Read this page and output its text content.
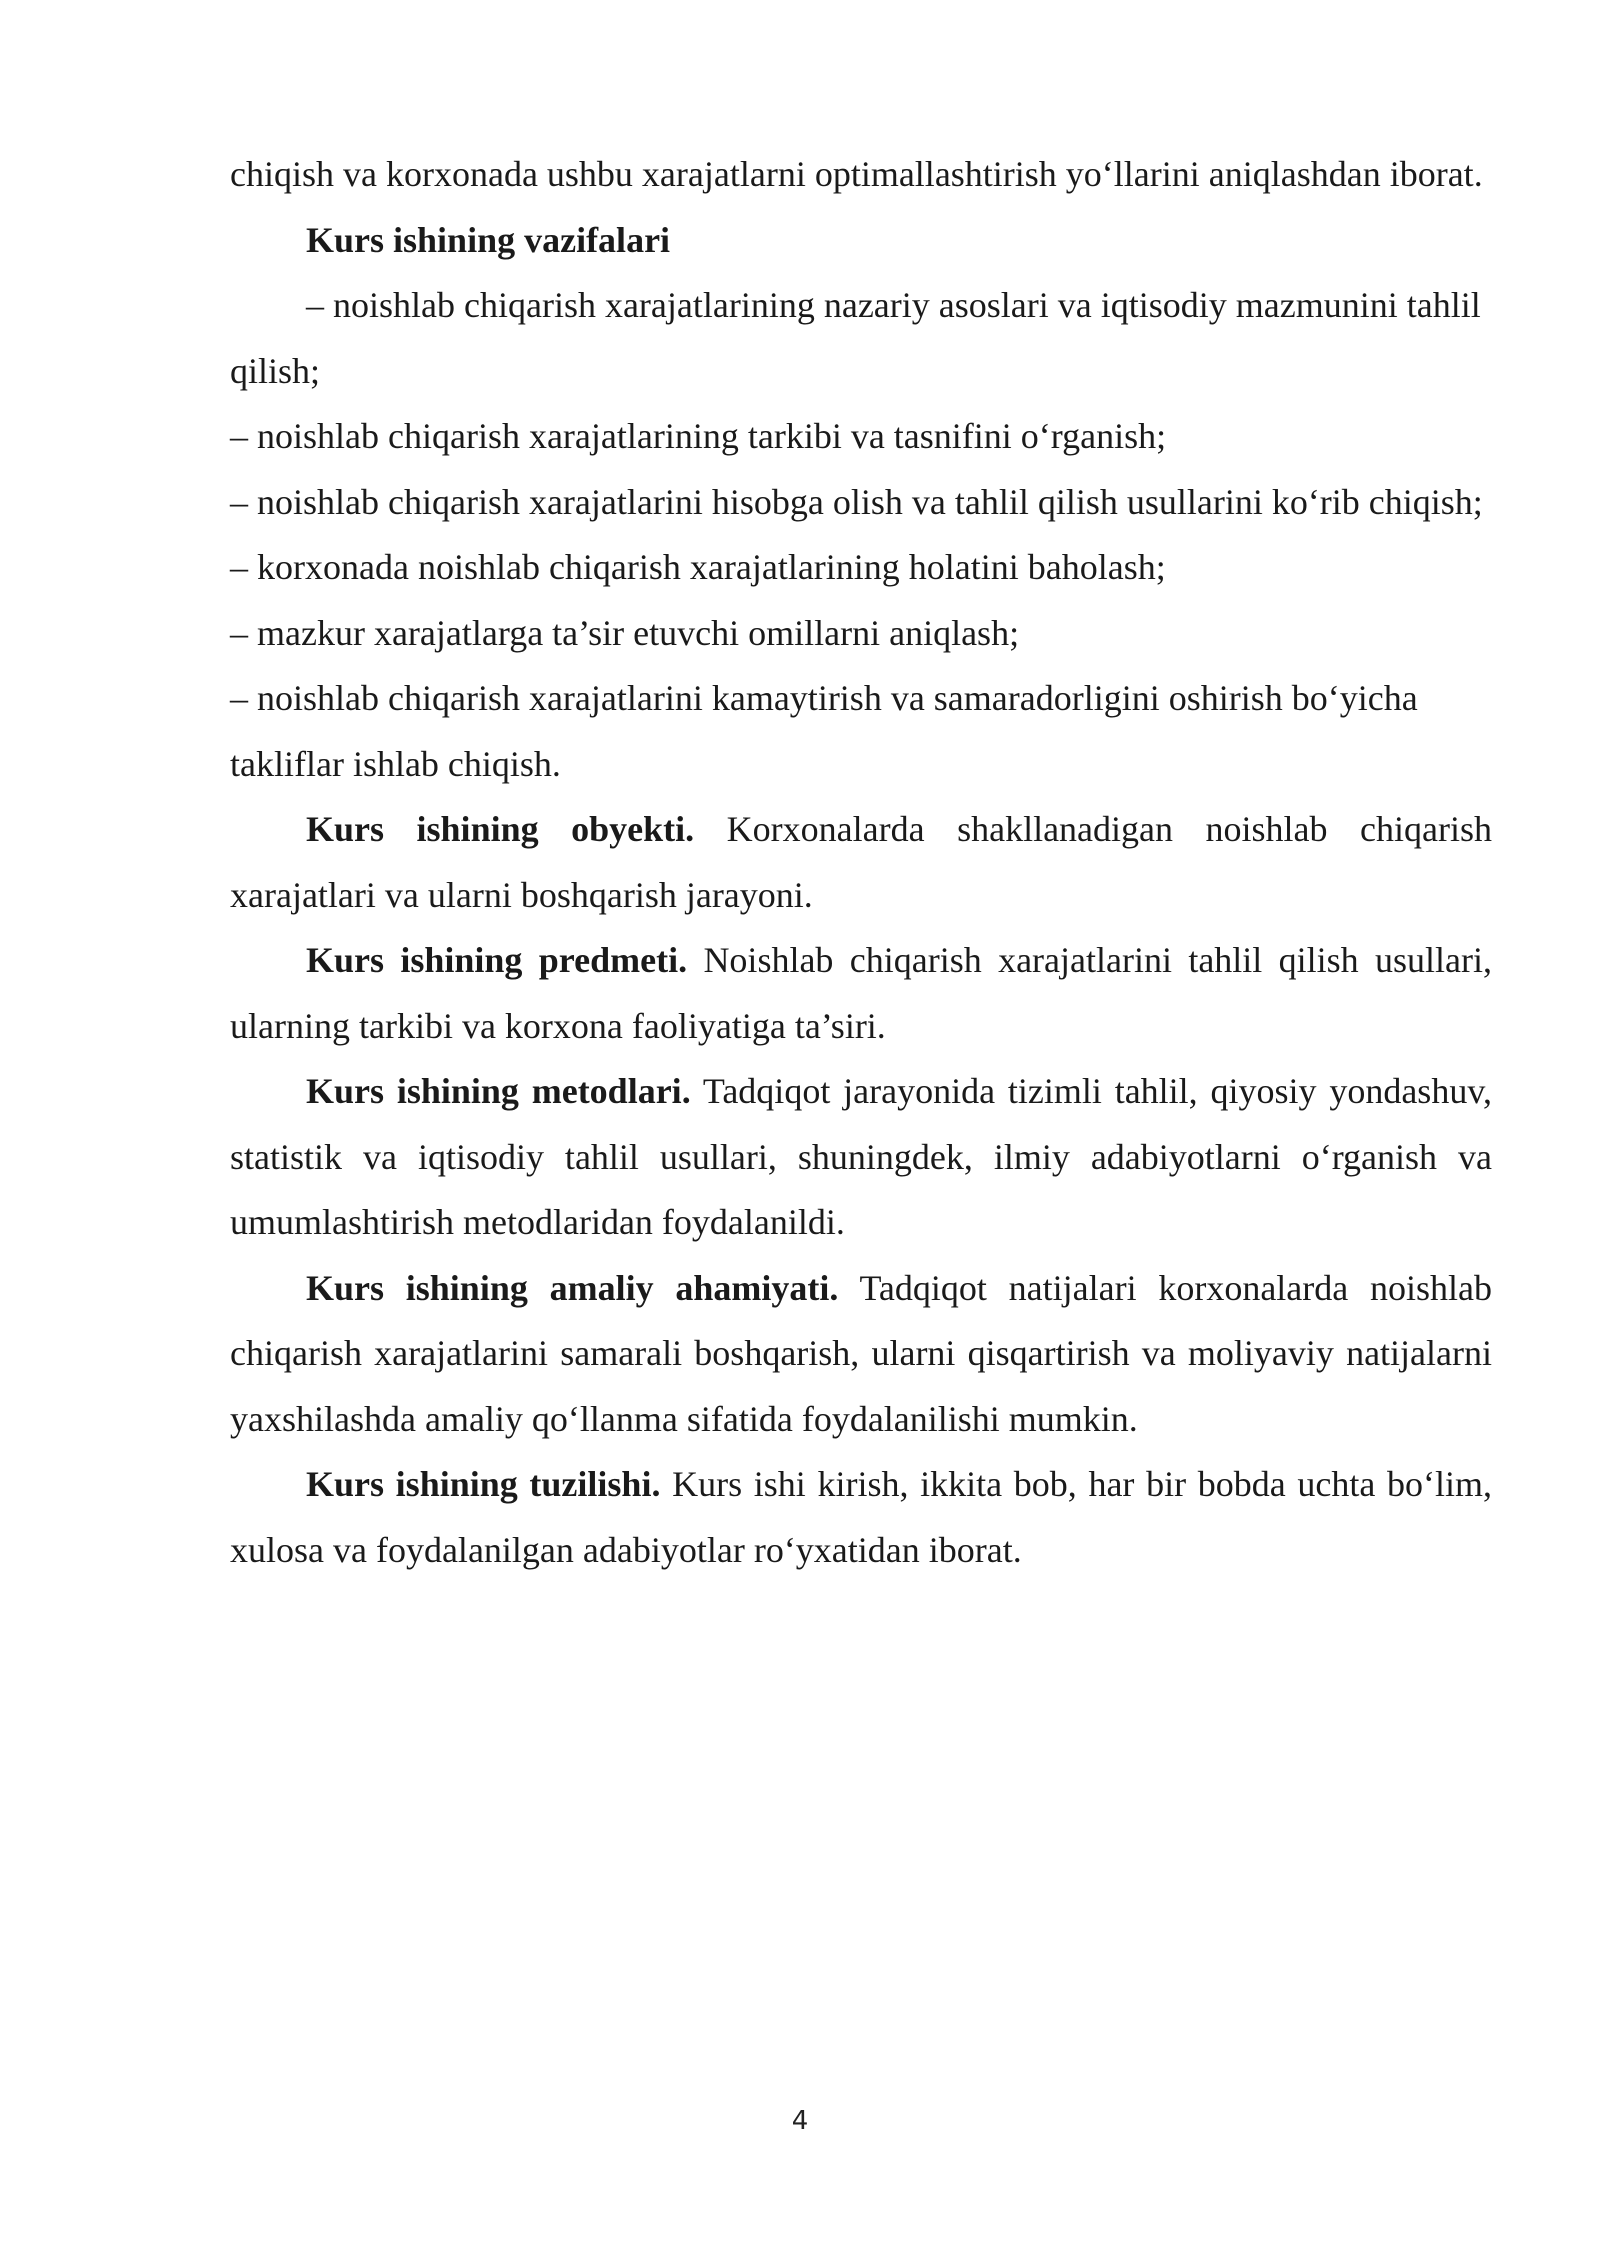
chiqish va korxonada ushbu xarajatlarni optimallashtirish yo‘llarini aniqlashdan iborat.

Kurs ishining vazifalari

– noishlab chiqarish xarajatlarining nazariy asoslari va iqtisodiy mazmunini tahlil qilish;

– noishlab chiqarish xarajatlarining tarkibi va tasnifini o‘rganish;

– noishlab chiqarish xarajatlarini hisobga olish va tahlil qilish usullarini ko‘rib chiqish;

– korxonada noishlab chiqarish xarajatlarining holatini baholash;

– mazkur xarajatlarga ta’sir etuvchi omillarni aniqlash;

– noishlab chiqarish xarajatlarini kamaytirish va samaradorligini oshirish bo‘yicha takliflar ishlab chiqish.

Kurs ishining obyekti. Korxonalarda shakllanadigan noishlab chiqarish xarajatlari va ularni boshqarish jarayoni.

Kurs ishining predmeti. Noishlab chiqarish xarajatlarini tahlil qilish usullari, ularning tarkibi va korxona faoliyatiga ta’siri.

Kurs ishining metodlari. Tadqiqot jarayonida tizimli tahlil, qiyosiy yondashuv, statistik va iqtisodiy tahlil usullari, shuningdek, ilmiy adabiyotlarni o‘rganish va umumlashtirish metodlaridan foydalanildi.

Kurs ishining amaliy ahamiyati. Tadqiqot natijalari korxonalarda noishlab chiqarish xarajatlarini samarali boshqarish, ularni qisqartirish va moliyaviy natijalarni yaxshilashda amaliy qo‘llanma sifatida foydalanilishi mumkin.

Kurs ishining tuzilishi. Kurs ishi kirish, ikkita bob, har bir bobda uchta bo‘lim, xulosa va foydalanilgan adabiyotlar ro‘yxatidan iborat.

4
